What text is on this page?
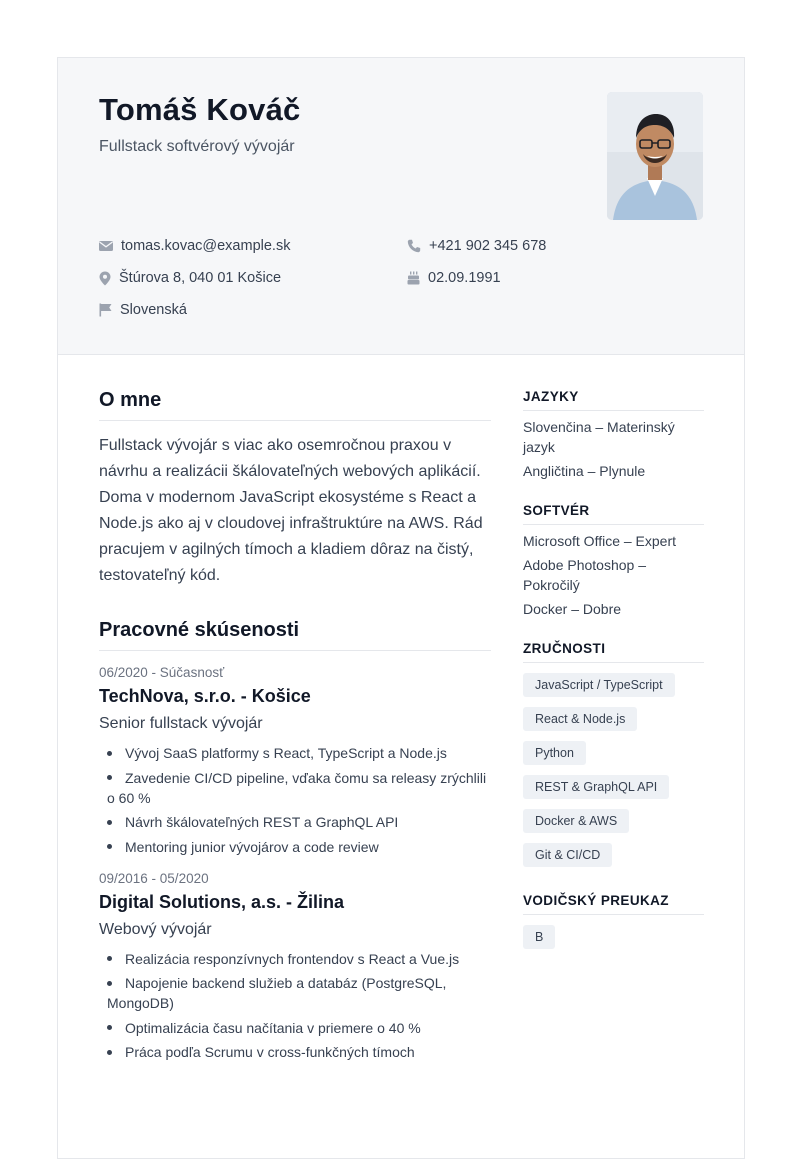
Tomáš Kováč
Fullstack softvérový vývojár
tomas.kovac@example.sk	+421 902 345 678
Štúrova 8, 040 01 Košice	02.09.1991
Slovenská
O mne
Fullstack vývojár s viac ako osemročnou praxou v návrhu a realizácii škálovateľných webových aplikácií. Doma v modernom JavaScript ekosystéme s React a Node.js ako aj v cloudovej infraštruktúre na AWS. Rád pracujem v agilných tímoch a kladiem dôraz na čistý, testovateľný kód.
Pracovné skúsenosti
06/2020 - Súčasnosť
TechNova, s.r.o. - Košice
Senior fullstack vývojár
Vývoj SaaS platformy s React, TypeScript a Node.js
Zavedenie CI/CD pipeline, vďaka čomu sa releasy zrýchlili o 60 %
Návrh škálovateľných REST a GraphQL API
Mentoring junior vývojárov a code review
09/2016 - 05/2020
Digital Solutions, a.s. - Žilina
Webový vývojár
Realizácia responzívnych frontendov s React a Vue.js
Napojenie backend služieb a databáz (PostgreSQL, MongoDB)
Optimalizácia času načítania v priemere o 40 %
Práca podľa Scrumu v cross-funkčných tímoch
JAZYKY
Slovenčina – Materinský jazyk
Angličtina – Plynule
SOFTVÉR
Microsoft Office – Expert
Adobe Photoshop – Pokročilý
Docker – Dobre
ZRUČNOSTI
JavaScript / TypeScript
React & Node.js
Python
REST & GraphQL API
Docker & AWS
Git & CI/CD
VODIČSKÝ PREUKAZ
B
